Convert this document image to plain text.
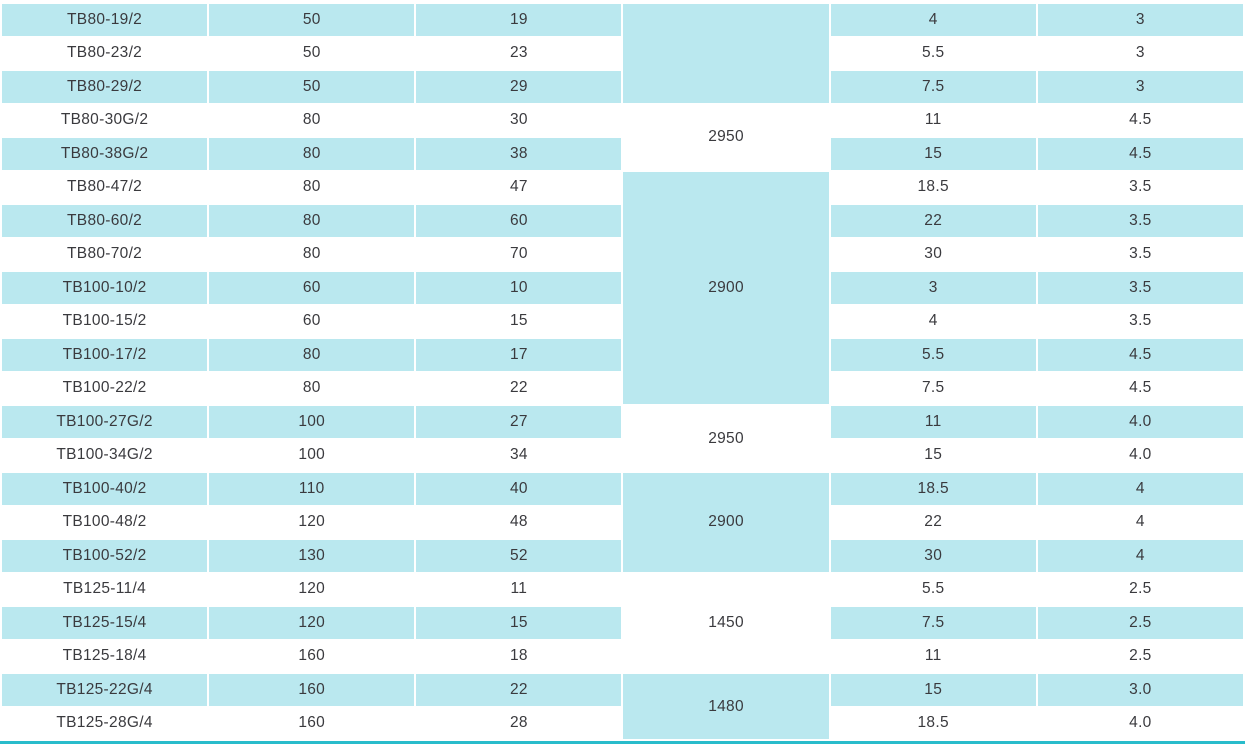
TB80-19/2	50	19		4	3
TB80-23/2	50	23		5.5	3
TB80-29/2	50	29		7.5	3
TB80-30G/2	80	30	2950	11	4.5
TB80-38G/2	80	38		15	4.5
TB80-47/2	80	47	2900	18.5	3.5
TB80-60/2	80	60		22	3.5
TB80-70/2	80	70		30	3.5
TB100-10/2	60	10		3	3.5
TB100-15/2	60	15		4	3.5
TB100-17/2	80	17		5.5	4.5
TB100-22/2	80	22		7.5	4.5
TB100-27G/2	100	27	2950	11	4.0
TB100-34G/2	100	34		15	4.0
TB100-40/2	110	40	2900	18.5	4
TB100-48/2	120	48		22	4
TB100-52/2	130	52		30	4
TB125-11/4	120	11	1450	5.5	2.5
TB125-15/4	120	15		7.5	2.5
TB125-18/4	160	18		11	2.5
TB125-22G/4	160	22	1480	15	3.0
TB125-28G/4	160	28		18.5	4.0
